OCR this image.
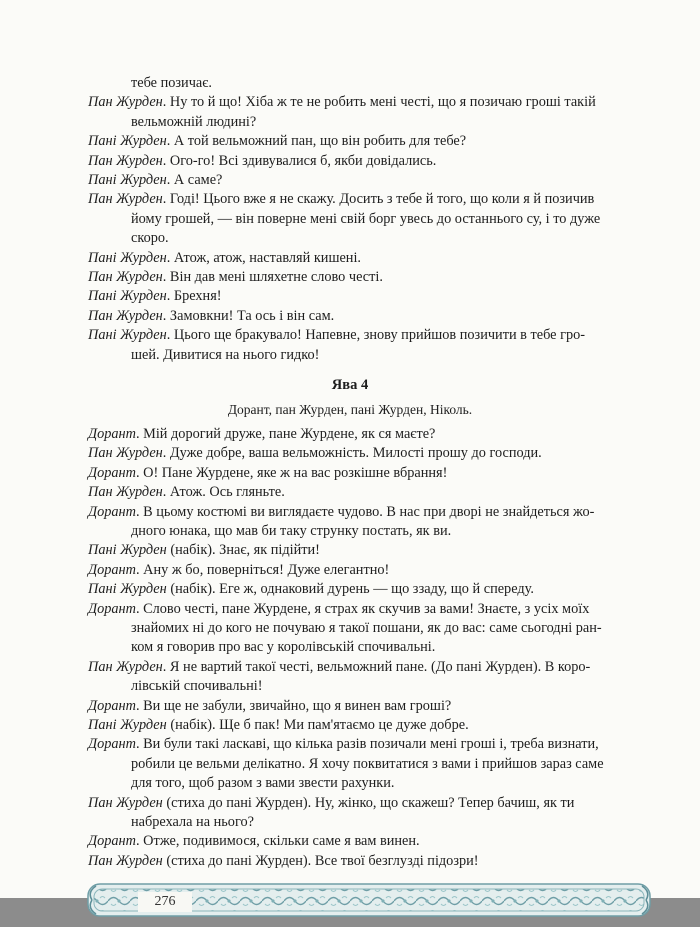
тебе позичає.
Пан Журден. Ну то й що! Хіба ж те не робить мені честі, що я позичаю гроші такій
вельможній людині?
Пані Журден. А той вельможний пан, що він робить для тебе?
Пан Журден. Ого-го! Всі здивувалися б, якби довідались.
Пані Журден. А саме?
Пан Журден. Годі! Цього вже я не скажу. Досить з тебе й того, що коли я й позичив
йому грошей, — він поверне мені свій борг увесь до останнього су, і то дуже
скоро.
Пані Журден. Атож, атож, наставляй кишені.
Пан Журден. Він дав мені шляхетне слово честі.
Пані Журден. Брехня!
Пан Журден. Замовкни! Та ось і він сам.
Пані Журден. Цього ще бракувало! Напевне, знову прийшов позичити в тебе гро-
шей. Дивитися на нього гидко!
Дорант. Мій дорогий друже, пане Журдене, як ся маєте?
Пан Журден. Дуже добре, ваша вельможність. Милості прошу до господи.
Дорант. О! Пане Журдене, яке ж на вас розкішне вбрання!
Пан Журден. Атож. Ось гляньте.
Дорант. В цьому костюмі ви виглядаєте чудово. В нас при дворі не знайдеться жо-
дного юнака, що мав би таку струнку постать, як ви.
Пані Журден (набік). Знає, як підійти!
Дорант. Ану ж бо, поверніться! Дуже елегантно!
Пані Журден (набік). Еге ж, однаковий дурень — що ззаду, що й спереду.
Дорант. Слово честі, пане Журдене, я страх як скучив за вами! Знаєте, з усіх моїх
знайомих ні до кого не почуваю я такої пошани, як до вас: саме сьогодні ран-
ком я говорив про вас у королівській спочивальні.
Пан Журден. Я не вартий такої честі, вельможний пане. (До пані Журден). В коро-
лівській спочивальні!
Дорант. Ви ще не забули, звичайно, що я винен вам гроші?
Пані Журден (набік). Ще б пак! Ми пам'ятаємо це дуже добре.
Дорант. Ви були такі ласкаві, що кілька разів позичали мені гроші і, треба визнати,
робили це вельми делікатно. Я хочу поквитатися з вами і прийшов зараз саме
для того, щоб разом з вами звести рахунки.
Пан Журден (стиха до пані Журден). Ну, жінко, що скажеш? Тепер бачиш, як ти
набрехала на нього?
Дорант. Отже, подивимося, скільки саме я вам винен.
Пан Журден (стиха до пані Журден). Все твої безглузді підозри!
Ява 4
Дорант, пан Журден, пані Журден, Ніколь.
276
